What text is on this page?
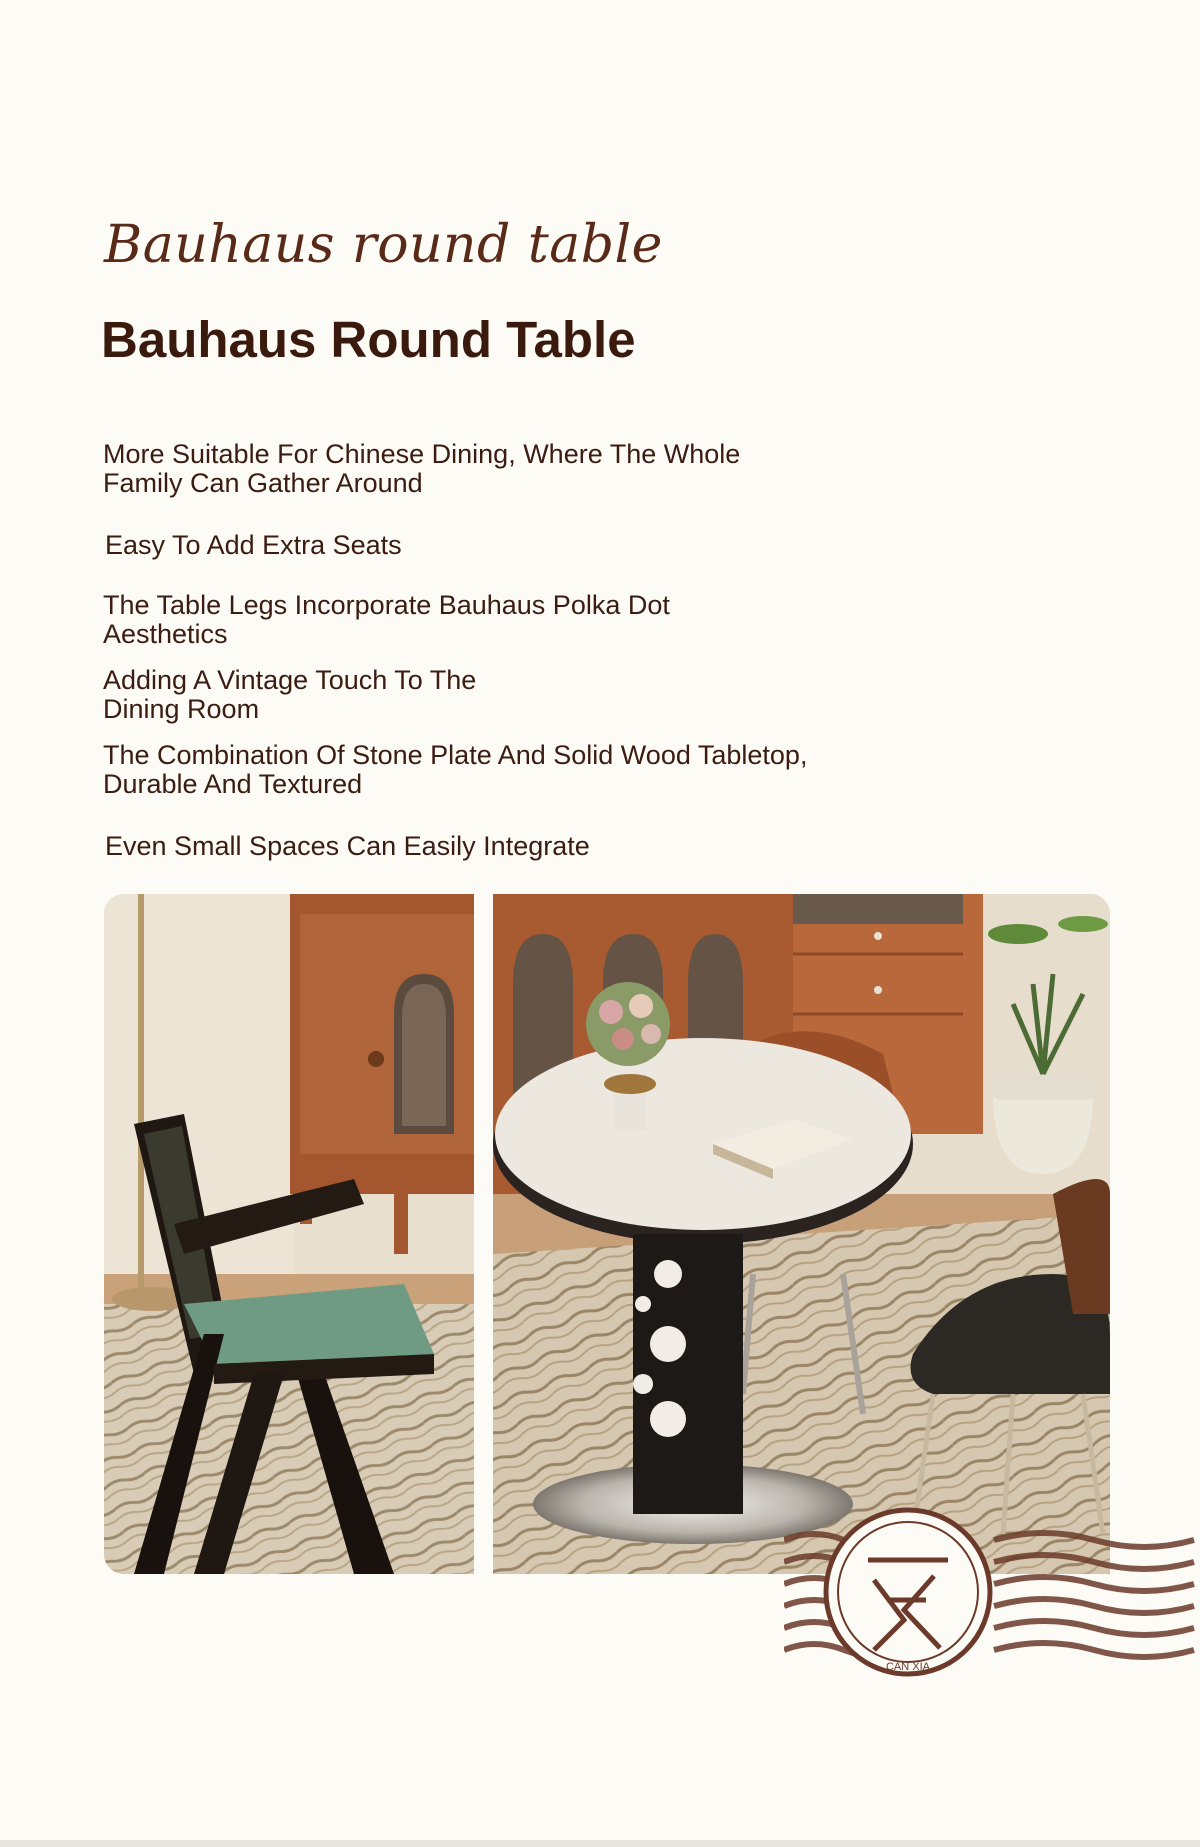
Bauhaus round table
Bauhaus Round Table
More Suitable For Chinese Dining, Where The Whole
Family Can Gather Around
Easy To Add Extra Seats
The Table Legs Incorporate Bauhaus Polka Dot
Aesthetics
Adding A Vintage Touch To The
Dining Room
The Combination Of Stone Plate And Solid Wood Tabletop,
Durable And Textured
Even Small Spaces Can Easily Integrate
CAN XIA
